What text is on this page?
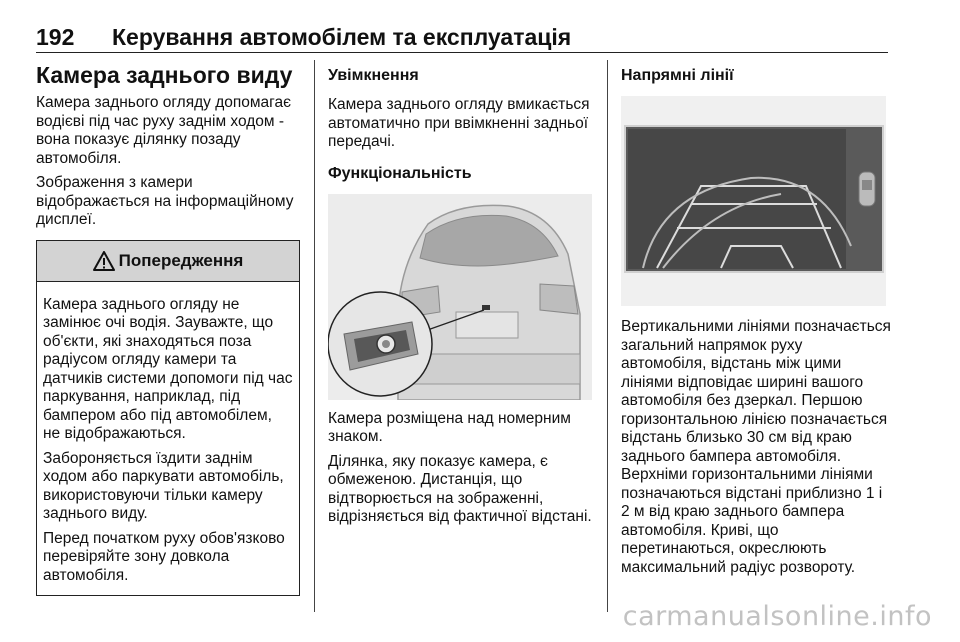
192 Керування автомобілем та експлуатація
Камера заднього виду

Камера заднього огляду допомагає водієві під час руху заднім ходом - вона показує ділянку позаду автомобіля.

Зображення з камери відображається на інформаційному дисплеї.

Попередження

Камера заднього огляду не замінює очі водія. Зауважте, що об'єкти, які знаходяться поза радіусом огляду камери та датчиків системи допомоги під час паркування, наприклад, під бампером або під автомобілем, не відображаються.

Забороняється їздити заднім ходом або паркувати автомобіль, використовуючи тільки камеру заднього виду.

Перед початком руху обов'язково перевіряйте зону довкола автомобіля.

Увімкнення

Камера заднього огляду вмикається автоматично при ввімкненні задньої передачі.

Функціональність

Камера розміщена над номерним знаком.

Ділянка, яку показує камера, є обмеженою. Дистанція, що відтворюється на зображенні, відрізняється від фактичної відстані.

Напрямні лінії

Вертикальними лініями позначається загальний напрямок руху автомобіля, відстань між цими лініями відповідає ширині вашого автомобіля без дзеркал. Першою горизонтальною лінією позначається відстань близько 30 см від краю заднього бампера автомобіля. Верхніми горизонтальними лініями позначаються відстані приблизно 1 і 2 м від краю заднього бампера автомобіля. Криві, що перетинаються, окреслюють максимальний радіус розвороту.

carmanualsonline.info
